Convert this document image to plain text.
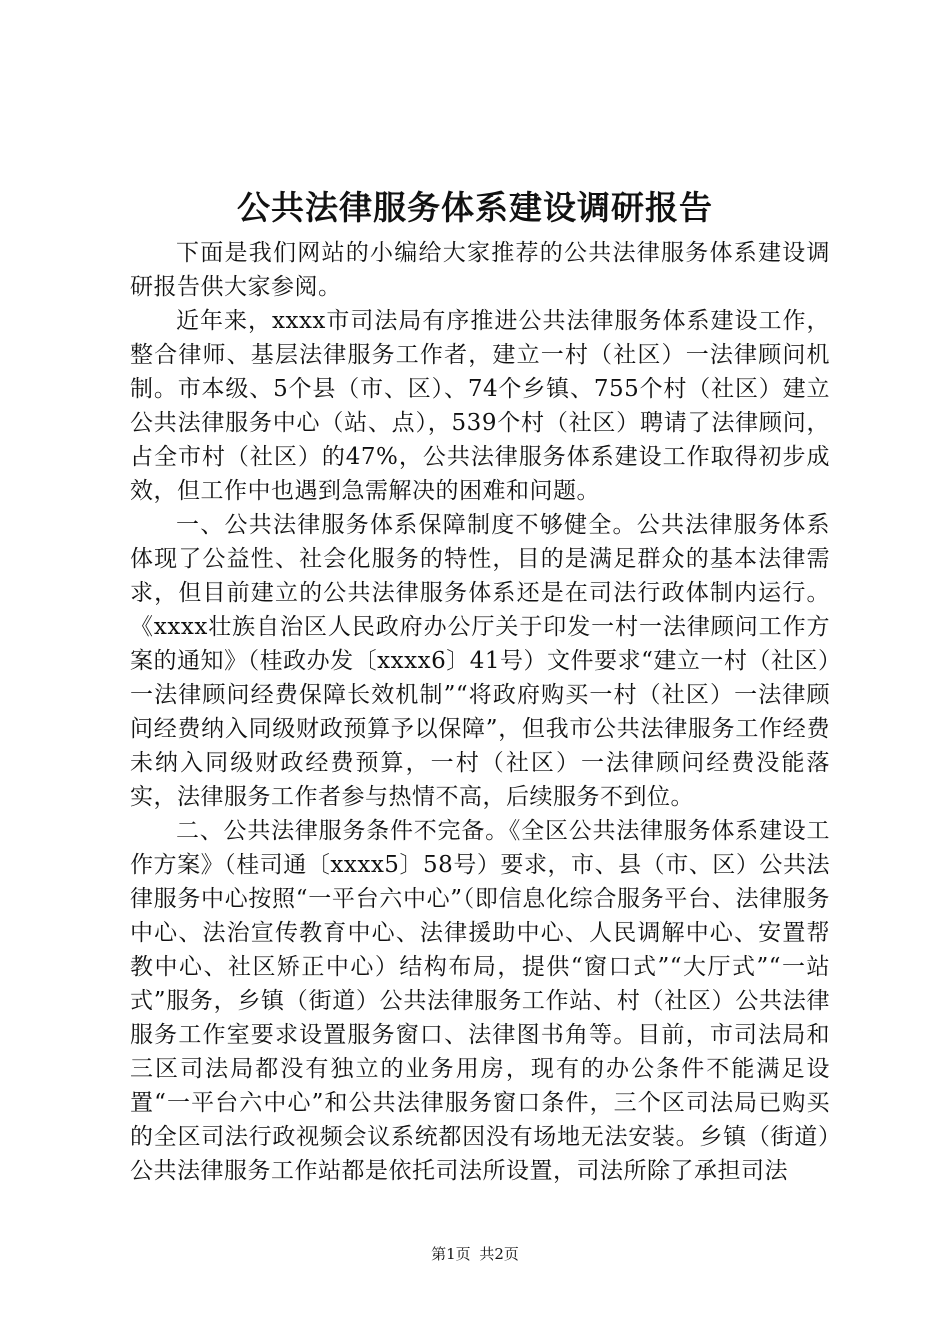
公共法律服务体系建设调研报告

下面是我们网站的小编给大家推荐的公共法律服务体系建设调研报告供大家参阅。

近年来，xxxx市司法局有序推进公共法律服务体系建设工作，整合律师、基层法律服务工作者，建立一村（社区）一法律顾问机制。市本级、5个县（市、区）、74个乡镇、755个村（社区）建立公共法律服务中心（站、点），539个村（社区）聘请了法律顾问，占全市村（社区）的47%，公共法律服务体系建设工作取得初步成效，但工作中也遇到急需解决的困难和问题。

一、公共法律服务体系保障制度不够健全。公共法律服务体系体现了公益性、社会化服务的特性，目的是满足群众的基本法律需求，但目前建立的公共法律服务体系还是在司法行政体制内运行。《xxxx壮族自治区人民政府办公厅关于印发一村一法律顾问工作方案的通知》（桂政办发〔xxxx6〕41号）文件要求“建立一村（社区）一法律顾问经费保障长效机制”“将政府购买一村（社区）一法律顾问经费纳入同级财政预算予以保障”，但我市公共法律服务工作经费未纳入同级财政经费预算，一村（社区）一法律顾问经费没能落实，法律服务工作者参与热情不高，后续服务不到位。

二、公共法律服务条件不完备。《全区公共法律服务体系建设工作方案》（桂司通〔xxxx5〕58号）要求，市、县（市、区）公共法律服务中心按照“一平台六中心”（即信息化综合服务平台、法律服务中心、法治宣传教育中心、法律援助中心、人民调解中心、安置帮教中心、社区矫正中心）结构布局，提供“窗口式”“大厅式”“一站式”服务，乡镇（街道）公共法律服务工作站、村（社区）公共法律服务工作室要求设置服务窗口、法律图书角等。目前，市司法局和三区司法局都没有独立的业务用房，现有的办公条件不能满足设置“一平台六中心”和公共法律服务窗口条件，三个区司法局已购买的全区司法行政视频会议系统都因没有场地无法安装。乡镇（街道）公共法律服务工作站都是依托司法所设置，司法所除了承担司法

第1页 共2页
